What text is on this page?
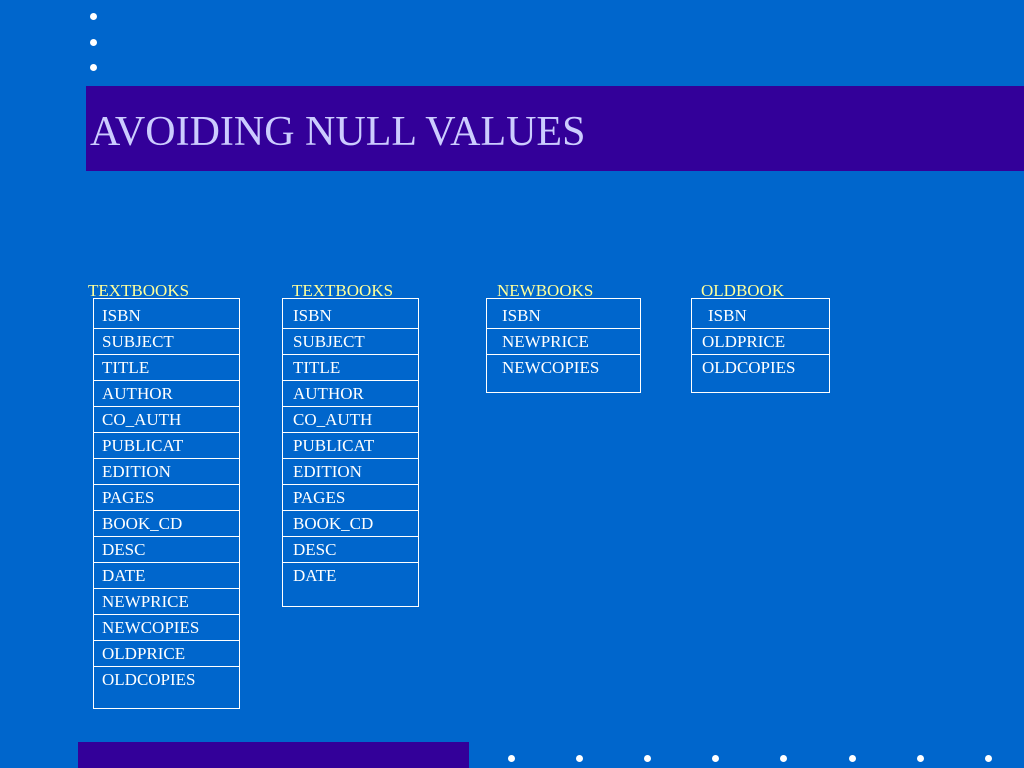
AVOIDING NULL VALUES
TEXTBOOKS
ISBN
SUBJECT
TITLE
AUTHOR
CO_AUTH
PUBLICAT
EDITION
PAGES
BOOK_CD
DESC
DATE
NEWPRICE
NEWCOPIES
OLDPRICE
OLDCOPIES
TEXTBOOKS
ISBN
SUBJECT
TITLE
AUTHOR
CO_AUTH
PUBLICAT
EDITION
PAGES
BOOK_CD
DESC
DATE
NEWBOOKS
ISBN
NEWPRICE
NEWCOPIES
OLDBOOK
ISBN
OLDPRICE
OLDCOPIES
